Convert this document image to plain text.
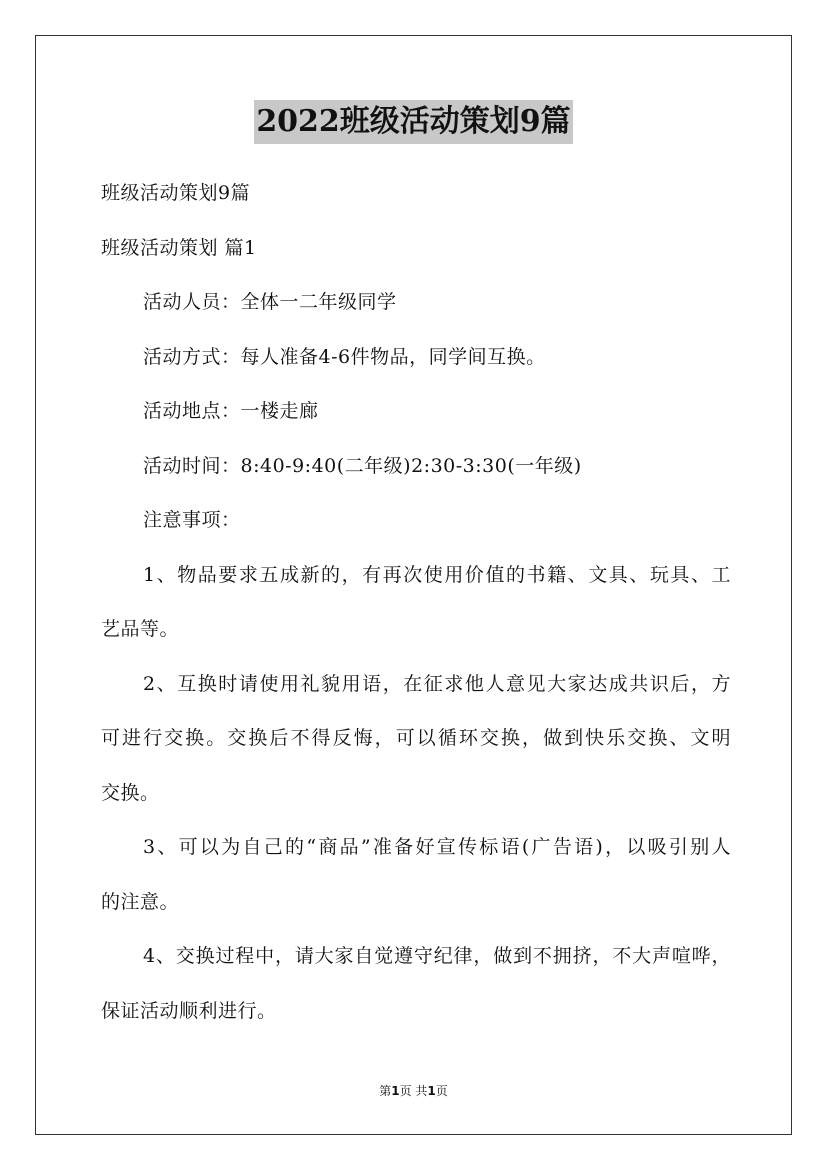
2022班级活动策划9篇
班级活动策划9篇
班级活动策划 篇1
活动人员：全体一二年级同学
活动方式：每人准备4-6件物品，同学间互换。
活动地点：一楼走廊
活动时间：8:40-9:40(二年级)2:30-3:30(一年级)
注意事项：
1、物品要求五成新的，有再次使用价值的书籍、文具、玩具、工
艺品等。
2、互换时请使用礼貌用语，在征求他人意见大家达成共识后，方
可进行交换。交换后不得反悔，可以循环交换，做到快乐交换、文明
交换。
3、可以为自己的“商品”准备好宣传标语(广告语)，以吸引别人
的注意。
4、交换过程中，请大家自觉遵守纪律，做到不拥挤，不大声喧哗，
保证活动顺利进行。
第1页 共1页
